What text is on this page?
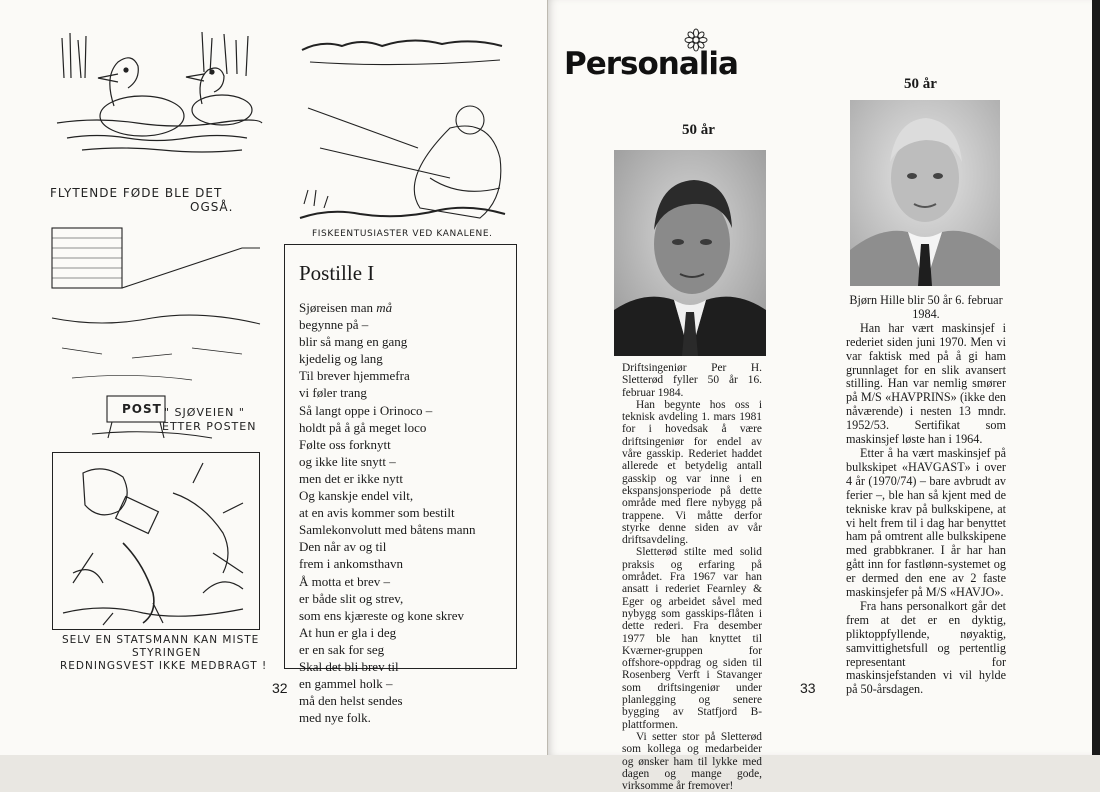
FLYTENDE FØDE BLE DET
OGSÅ.
FISKEENTUSIASTER VED KANALENE.
POST " SJØVEIEN "
ETTER POSTEN
SELV EN STATSMANN KAN MISTE
STYRINGEN
REDNINGSVEST IKKE MEDBRAGT !
Postille I
Sjøreisen man må
begynne på –
blir så mang en gang
kjedelig og lang
Til brever hjemmefra
vi føler trang
Så langt oppe i Orinoco –
holdt på å gå meget loco
Følte oss forknytt
og ikke lite snytt –
men det er ikke nytt
Og kanskje endel vilt,
at en avis kommer som bestilt
Samlekonvolutt med båtens mann
Den når av og til
frem i ankomsthavn
Å motta et brev –
er både slit og strev,
som ens kjæreste og kone skrev
At hun er gla i deg
er en sak for seg
Skal det bli brev til
en gammel holk –
må den helst sendes
med nye folk.
32
Personalia
50 år

Driftsingeniør Per H. Sletterød fyller 50 år 16. februar 1984.

Han begynte hos oss i teknisk avdeling 1. mars 1981 for i hovedsak å være driftsingeniør for endel av våre gasskip. Rederiet haddet allerede et betydelig antall gasskip og var inne i en ekspansjonsperiode på dette område med flere nybygg på trappene. Vi måtte derfor styrke denne siden av vår driftsavdeling.

Sletterød stilte med solid praksis og erfaring på området. Fra 1967 var han ansatt i rederiet Fearnley & Eger og arbeidet såvel med nybygg som gasskips-flåten i dette rederi. Fra desember 1977 ble han knyttet til Kværner-gruppen for offshore-oppdrag og siden til Rosenberg Verft i Stavanger som driftsingeniør under planlegging og senere bygging av Statfjord B-plattformen.

Vi setter stor på Sletterød som kollega og medarbeider og ønsker ham til lykke med dagen og mange gode, virksomme år fremover!

50 år

Bjørn Hille blir 50 år 6. februar 1984.

Han har vært maskinsjef i rederiet siden juni 1970. Men vi var faktisk med på å gi ham grunnlaget for en slik avansert stilling. Han var nemlig smører på M/S «HAVPRINS» (ikke den nåværende) i nesten 13 mndr. 1952/53. Sertifikat som maskinsjef løste han i 1964.

Etter å ha vært maskinsjef på bulkskipet «HAVGAST» i over 4 år (1970/74) – bare avbrudt av ferier –, ble han så kjent med de tekniske krav på bulkskipene, at vi helt frem til i dag har benyttet ham på omtrent alle bulkskipene med grabbkraner. I år har han gått inn for fastlønn-systemet og er dermed den ene av 2 faste maskinsjefer på M/S «HAVJO».

Fra hans personalkort går det frem at det er en dyktig, pliktoppfyllende, nøyaktig, samvittighetsfull og pertentlig representant for maskinsjefstanden vi vil hylde på 50-årsdagen.

33
